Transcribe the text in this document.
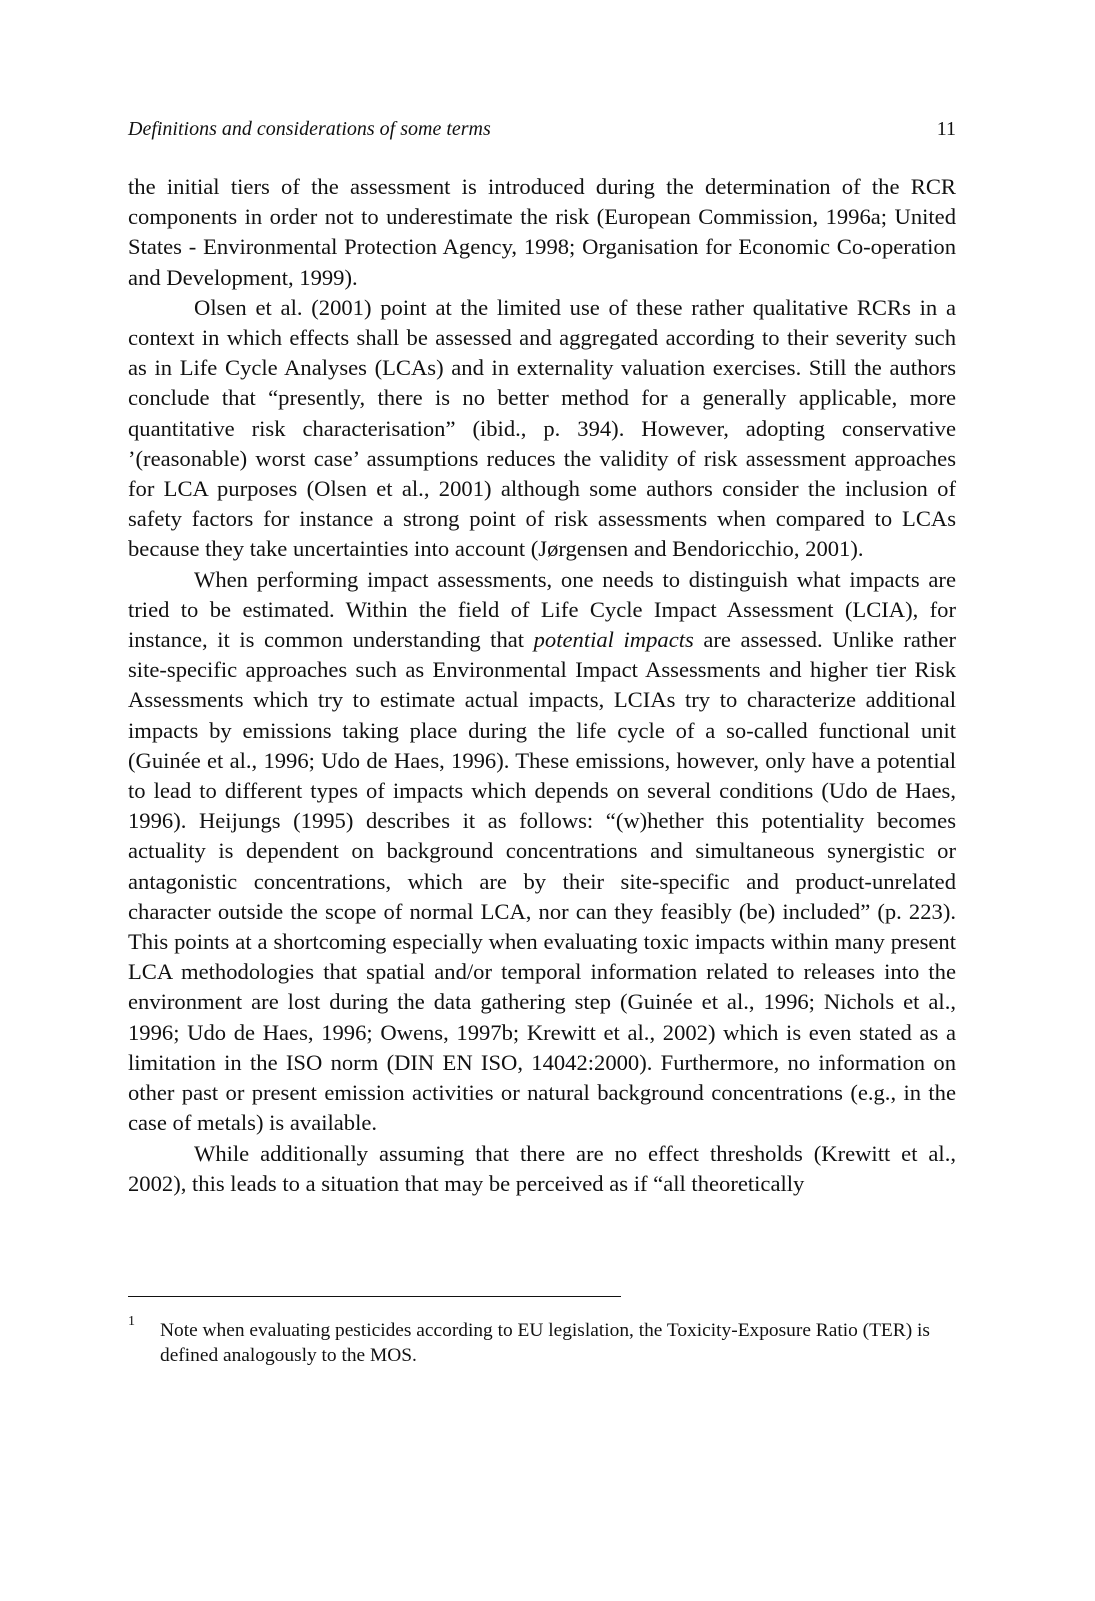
Definitions and considerations of some terms	11

the initial tiers of the assessment is introduced during the determination of the RCR components in order not to underestimate the risk (European Commission, 1996a; United States - Environmental Protection Agency, 1998; Organisation for Economic Co-operation and Development, 1999).

Olsen et al. (2001) point at the limited use of these rather qualitative RCRs in a context in which effects shall be assessed and aggregated according to their severity such as in Life Cycle Analyses (LCAs) and in externality valuation exercises. Still the authors conclude that “presently, there is no better method for a generally applicable, more quantitative risk characterisation” (ibid., p. 394). However, adopting conservative ’(reasonable) worst case’ assumptions reduces the validity of risk assessment approaches for LCA purposes (Olsen et al., 2001) although some authors consider the inclusion of safety factors for instance a strong point of risk assessments when compared to LCAs because they take uncertainties into account (Jørgensen and Bendoricchio, 2001).

When performing impact assessments, one needs to distinguish what impacts are tried to be estimated. Within the field of Life Cycle Impact Assessment (LCIA), for instance, it is common understanding that potential impacts are assessed. Unlike rather site-specific approaches such as Environmental Impact Assessments and higher tier Risk Assessments which try to estimate actual impacts, LCIAs try to characterize additional impacts by emissions taking place during the life cycle of a so-called functional unit (Guinée et al., 1996; Udo de Haes, 1996). These emissions, however, only have a potential to lead to different types of impacts which depends on several conditions (Udo de Haes, 1996). Heijungs (1995) describes it as follows: “(w)hether this potentiality becomes actuality is dependent on background concentrations and simultaneous synergistic or antagonistic concentrations, which are by their site-specific and product-unrelated character outside the scope of normal LCA, nor can they feasibly (be) included” (p. 223). This points at a shortcoming especially when evaluating toxic impacts within many present LCA methodologies that spatial and/or temporal information related to releases into the environment are lost during the data gathering step (Guinée et al., 1996; Nichols et al., 1996; Udo de Haes, 1996; Owens, 1997b; Krewitt et al., 2002) which is even stated as a limitation in the ISO norm (DIN EN ISO, 14042:2000). Furthermore, no information on other past or present emission activities or natural background concentrations (e.g., in the case of metals) is available.

While additionally assuming that there are no effect thresholds (Krewitt et al., 2002), this leads to a situation that may be perceived as if “all theoretically

1 Note when evaluating pesticides according to EU legislation, the Toxicity-Exposure Ratio (TER) is defined analogously to the MOS.
